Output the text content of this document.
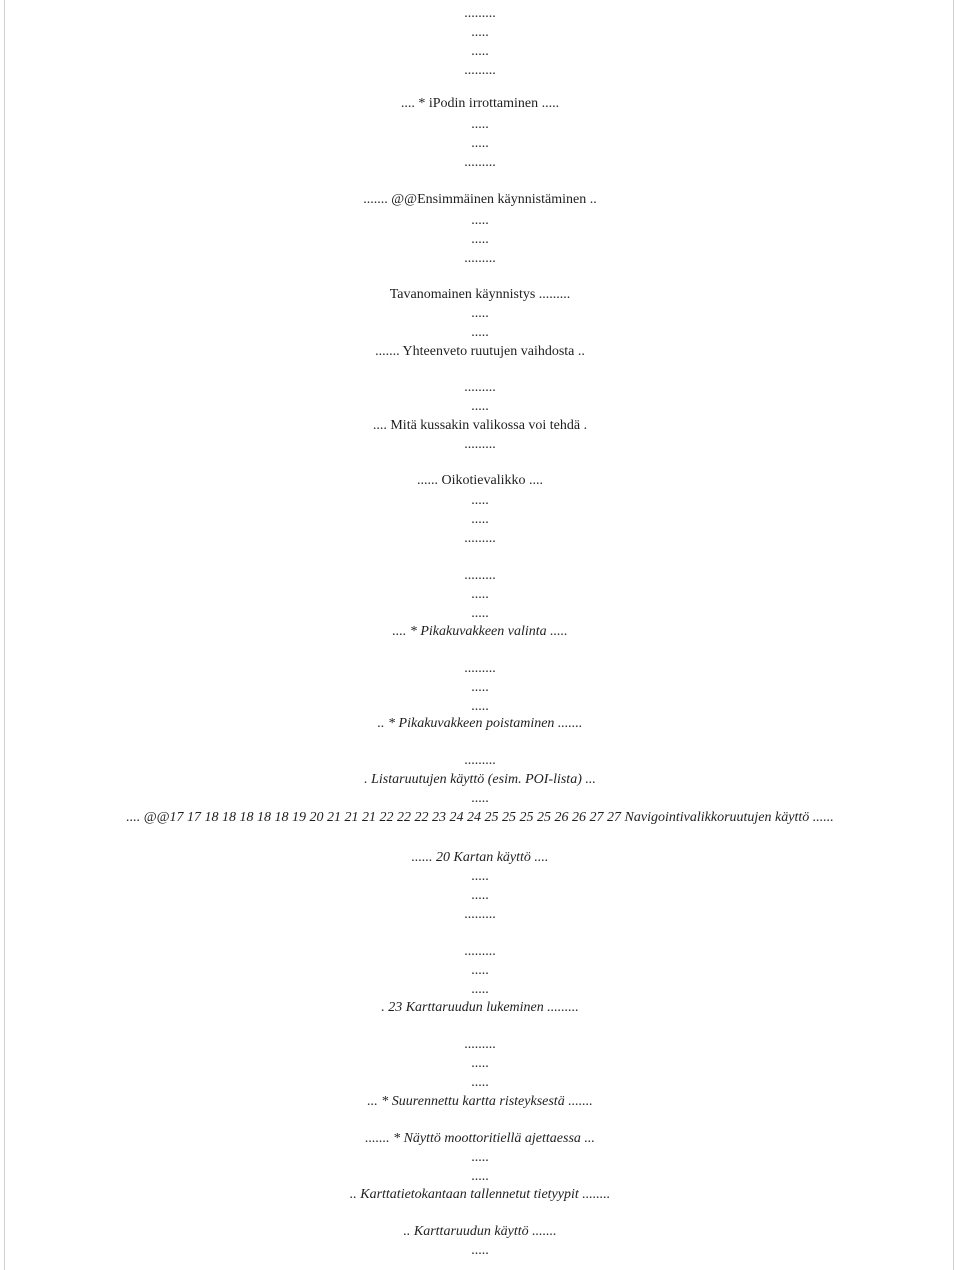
.........
.....
.....
.........
.... * iPodin irrottaminen .....
.....
.....
.........
....... @@Ensimmäinen käynnistäminen ..
.....
.....
.........
Tavanomainen käynnistys .........
.....
.....
....... Yhteenveto ruutujen vaihdosta ..
.........
.....
.... Mitä kussakin valikossa voi tehdä .
.........
...... Oikotievalikko ....
.....
.....
.........
.........
.....
.....
.... * Pikakuvakkeen valinta .....
.........
.....
.....
.. * Pikakuvakkeen poistaminen .......
.........
. Listaruutujen käyttö (esim. POI-lista) ...
.....
.... @@17 17 18 18 18 18 18 19 20 21 21 21 22 22 22 23 24 24 25 25 25 25 26 26 27 27 Navigointivalikkoruutujen käyttö ......
...... 20 Kartan käyttö ....
.....
.....
.........
.........
.....
.....
. 23 Karttaruudun lukeminen .........
.........
.....
.....
... * Suurennettu kartta risteyksestä .......
....... * Näyttö moottoritiellä ajettaessa ...
.....
.....
.. Karttatietokantaan tallennetut tietyypit ........
.. Karttaruudun käyttö .......
.....
